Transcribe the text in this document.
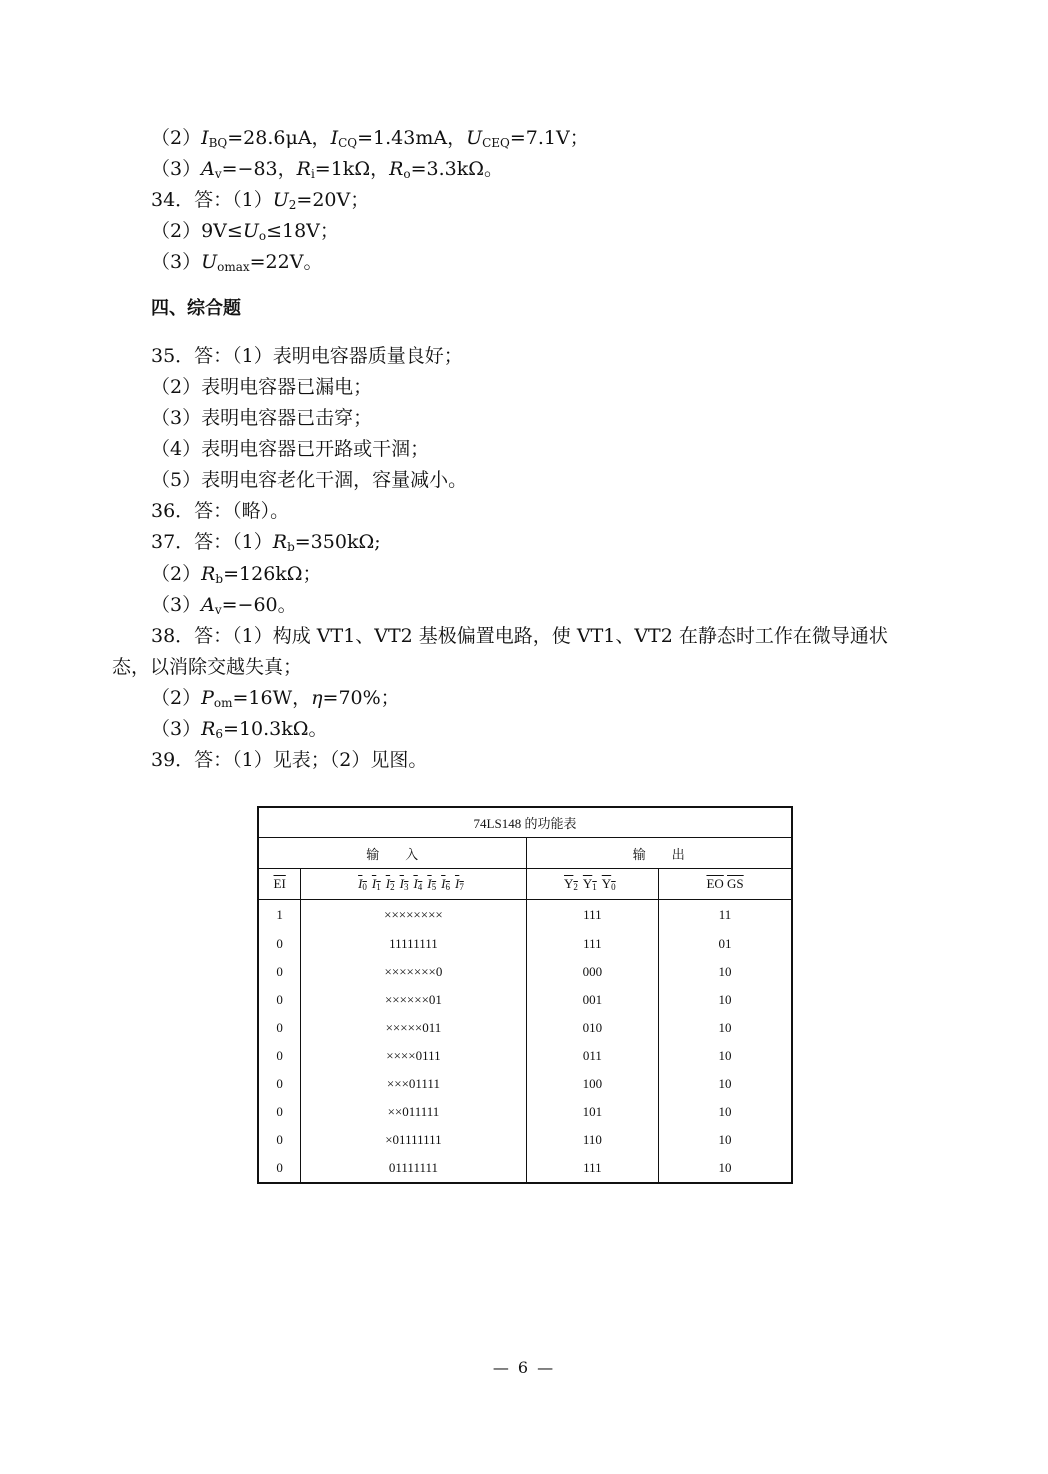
$(2)I_{BQ}=28.6\mu A$，$I_{CQ}=1.43mA$，$U_{CEQ}=7.1V$；
$(3)A_v=-83$，$R_i=1k\Omega$，$R_o=3.3k\Omega$。
34．答：$(1)U_2=20V$；
$(2)9V\le U_o\le 18V$；
$(3)U_{omax}=22V$。
四、综合题
35．答：（1）表明电容器质量良好；
（2）表明电容器已漏电；
（3）表明电容器已击穿；
（4）表明电容器已开路或干涸；
（5）表明电容老化干涸，容量减小。
36．答：（略）。
37．答：$(1)R_b=350k\Omega$;
$(2)R_b=126k\Omega$；
$(3)A_v=-60$。
38．答：（1）构成 VT1、VT2 基极偏置电路，使 VT1、VT2 在静态时工作在微导通状
态，以消除交越失真；
$(2)P_{om}=16W$，η=70%；
$(3)R_6=10.3k\Omega$。
39．答：（1）见表；（2）见图。
74LS148 的功能表			
输　　入		输　　出	
$\overline{EI}$	$I_0$ $I_1$ $I_2$ $I_3$ $I_4$ $I_5$ $I_6$ $I_7$	$Y_2$ $Y_1$ $Y_0$	$\overline{EO}$ $\overline{GS}$
1	××××××××	111	11
0	11111111	111	01
0	×××××××0	000	10
0	××××××01	001	10
0	×××××011	010	10
0	××××0111	011	10
0	×××01111	100	10
0	××011111	101	10
0	×01111111	110	10
0	01111111	111	10
— 6 —
